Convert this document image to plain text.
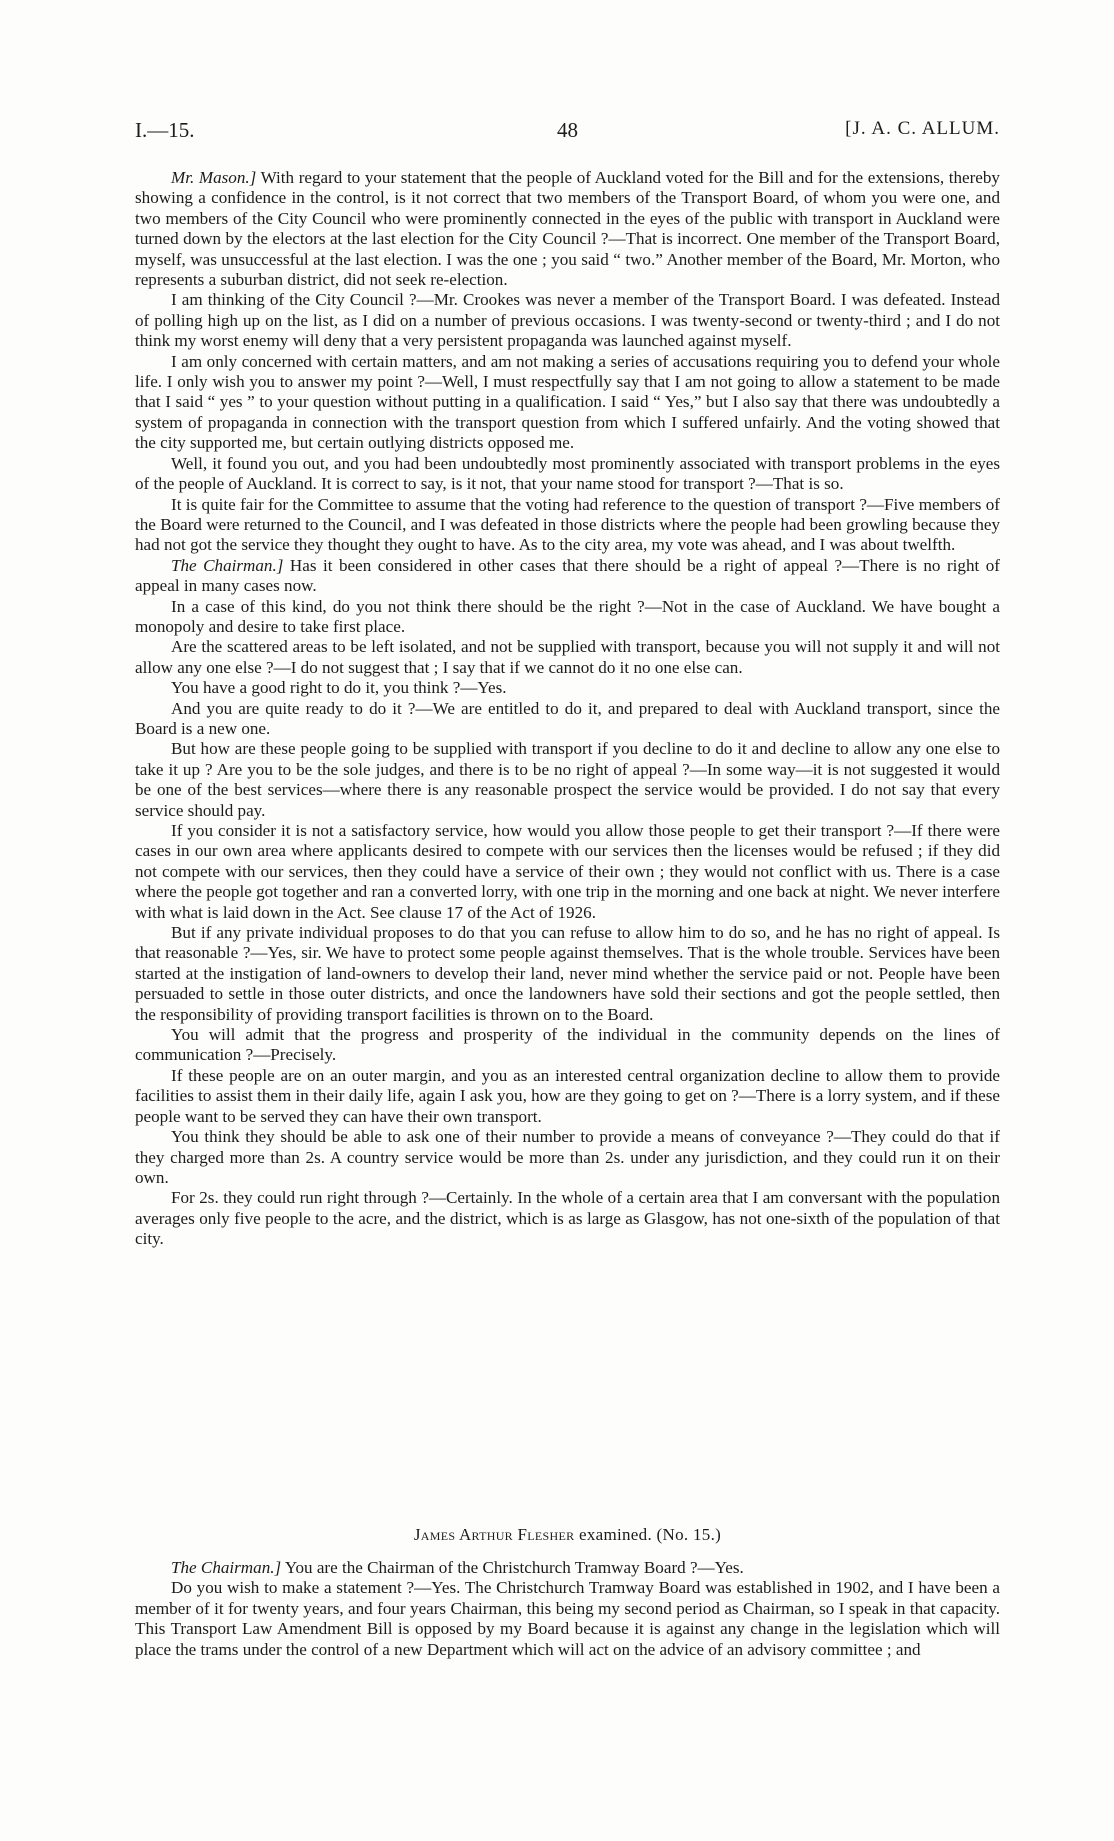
I.—15.	48	[J. A. C. ALLUM.

Mr. Mason.] With regard to your statement that the people of Auckland voted for the Bill and for the extensions, thereby showing a confidence in the control, is it not correct that two members of the Transport Board, of whom you were one, and two members of the City Council who were prominently connected in the eyes of the public with transport in Auckland were turned down by the electors at the last election for the City Council ?—That is incorrect. One member of the Transport Board, myself, was unsuccessful at the last election. I was the one ; you said “ two.” Another member of the Board, Mr. Morton, who represents a suburban district, did not seek re-election.

I am thinking of the City Council ?—Mr. Crookes was never a member of the Transport Board. I was defeated. Instead of polling high up on the list, as I did on a number of previous occasions. I was twenty-second or twenty-third ; and I do not think my worst enemy will deny that a very persistent propaganda was launched against myself.

I am only concerned with certain matters, and am not making a series of accusations requiring you to defend your whole life. I only wish you to answer my point ?—Well, I must respectfully say that I am not going to allow a statement to be made that I said “ yes ” to your question without putting in a qualification. I said “ Yes,” but I also say that there was undoubtedly a system of propaganda in connection with the transport question from which I suffered unfairly. And the voting showed that the city supported me, but certain outlying districts opposed me.

Well, it found you out, and you had been undoubtedly most prominently associated with transport problems in the eyes of the people of Auckland. It is correct to say, is it not, that your name stood for transport ?—That is so.

It is quite fair for the Committee to assume that the voting had reference to the question of transport ?—Five members of the Board were returned to the Council, and I was defeated in those districts where the people had been growling because they had not got the service they thought they ought to have. As to the city area, my vote was ahead, and I was about twelfth.

The Chairman.] Has it been considered in other cases that there should be a right of appeal ?—There is no right of appeal in many cases now.

In a case of this kind, do you not think there should be the right ?—Not in the case of Auckland. We have bought a monopoly and desire to take first place.

Are the scattered areas to be left isolated, and not be supplied with transport, because you will not supply it and will not allow any one else ?—I do not suggest that ; I say that if we cannot do it no one else can.

You have a good right to do it, you think ?—Yes.

And you are quite ready to do it ?—We are entitled to do it, and prepared to deal with Auckland transport, since the Board is a new one.

But how are these people going to be supplied with transport if you decline to do it and decline to allow any one else to take it up ? Are you to be the sole judges, and there is to be no right of appeal ?—In some way—it is not suggested it would be one of the best services—where there is any reasonable prospect the service would be provided. I do not say that every service should pay.

If you consider it is not a satisfactory service, how would you allow those people to get their transport ?—If there were cases in our own area where applicants desired to compete with our services then the licenses would be refused ; if they did not compete with our services, then they could have a service of their own ; they would not conflict with us. There is a case where the people got together and ran a converted lorry, with one trip in the morning and one back at night. We never interfere with what is laid down in the Act. See clause 17 of the Act of 1926.

But if any private individual proposes to do that you can refuse to allow him to do so, and he has no right of appeal. Is that reasonable ?—Yes, sir. We have to protect some people against themselves. That is the whole trouble. Services have been started at the instigation of land-owners to develop their land, never mind whether the service paid or not. People have been persuaded to settle in those outer districts, and once the landowners have sold their sections and got the people settled, then the responsibility of providing transport facilities is thrown on to the Board.

You will admit that the progress and prosperity of the individual in the community depends on the lines of communication ?—Precisely.

If these people are on an outer margin, and you as an interested central organization decline to allow them to provide facilities to assist them in their daily life, again I ask you, how are they going to get on ?—There is a lorry system, and if these people want to be served they can have their own transport.

You think they should be able to ask one of their number to provide a means of conveyance ?—They could do that if they charged more than 2s. A country service would be more than 2s. under any jurisdiction, and they could run it on their own.

For 2s. they could run right through ?—Certainly. In the whole of a certain area that I am conversant with the population averages only five people to the acre, and the district, which is as large as Glasgow, has not one-sixth of the population of that city.

James Arthur Flesher examined. (No. 15.)

The Chairman.] You are the Chairman of the Christchurch Tramway Board ?—Yes.

Do you wish to make a statement ?—Yes. The Christchurch Tramway Board was established in 1902, and I have been a member of it for twenty years, and four years Chairman, this being my second period as Chairman, so I speak in that capacity. This Transport Law Amendment Bill is opposed by my Board because it is against any change in the legislation which will place the trams under the control of a new Department which will act on the advice of an advisory committee ; and
